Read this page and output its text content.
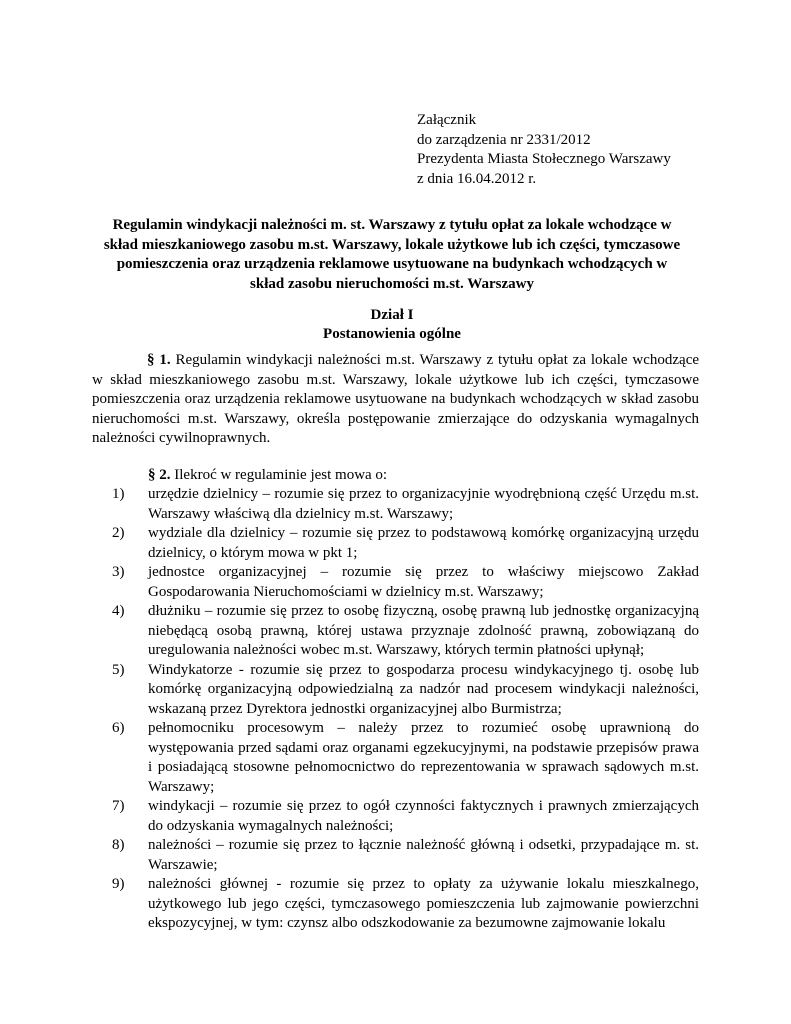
Załącznik
do zarządzenia nr 2331/2012
Prezydenta Miasta Stołecznego Warszawy
z dnia 16.04.2012 r.
Regulamin windykacji należności m. st. Warszawy z tytułu opłat za lokale wchodzące w
skład mieszkaniowego zasobu m.st. Warszawy, lokale użytkowe lub ich części, tymczasowe
pomieszczenia oraz urządzenia reklamowe usytuowane na budynkach wchodzących w
skład zasobu nieruchomości m.st. Warszawy
Dział I
Postanowienia ogólne

§ 1. Regulamin windykacji należności m.st. Warszawy z tytułu opłat za lokale wchodzące w skład mieszkaniowego zasobu m.st. Warszawy, lokale użytkowe lub ich części, tymczasowe pomieszczenia oraz urządzenia reklamowe usytuowane na budynkach wchodzących w skład zasobu nieruchomości m.st. Warszawy, określa postępowanie zmierzające do odzyskania wymagalnych należności cywilnoprawnych.

§ 2. Ilekroć w regulaminie jest mowa o:
1) urzędzie dzielnicy – rozumie się przez to organizacyjnie wyodrębnioną część Urzędu m.st. Warszawy właściwą dla dzielnicy m.st. Warszawy;
2) wydziale dla dzielnicy – rozumie się przez to podstawową komórkę organizacyjną urzędu dzielnicy, o którym mowa w pkt 1;
3) jednostce organizacyjnej – rozumie się przez to właściwy miejscowo Zakład Gospodarowania Nieruchomościami w dzielnicy m.st. Warszawy;
4) dłużniku – rozumie się przez to osobę fizyczną, osobę prawną lub jednostkę organizacyjną niebędącą osobą prawną, której ustawa przyznaje zdolność prawną, zobowiązaną do uregulowania należności wobec m.st. Warszawy, których termin płatności upłynął;
5) Windykatorze - rozumie się przez to gospodarza procesu windykacyjnego tj. osobę lub komórkę organizacyjną odpowiedzialną za nadzór nad procesem windykacji należności, wskazaną przez Dyrektora jednostki organizacyjnej albo Burmistrza;
6) pełnomocniku procesowym – należy przez to rozumieć osobę uprawnioną do występowania przed sądami oraz organami egzekucyjnymi, na podstawie przepisów prawa i posiadającą stosowne pełnomocnictwo do reprezentowania w sprawach sądowych m.st. Warszawy;
7) windykacji – rozumie się przez to ogół czynności faktycznych i prawnych zmierzających do odzyskania wymagalnych należności;
8) należności – rozumie się przez to łącznie należność główną i odsetki, przypadające m. st. Warszawie;
9) należności głównej - rozumie się przez to opłaty za używanie lokalu mieszkalnego, użytkowego lub jego części, tymczasowego pomieszczenia lub zajmowanie powierzchni ekspozycyjnej, w tym: czynsz albo odszkodowanie za bezumowne zajmowanie lokalu
